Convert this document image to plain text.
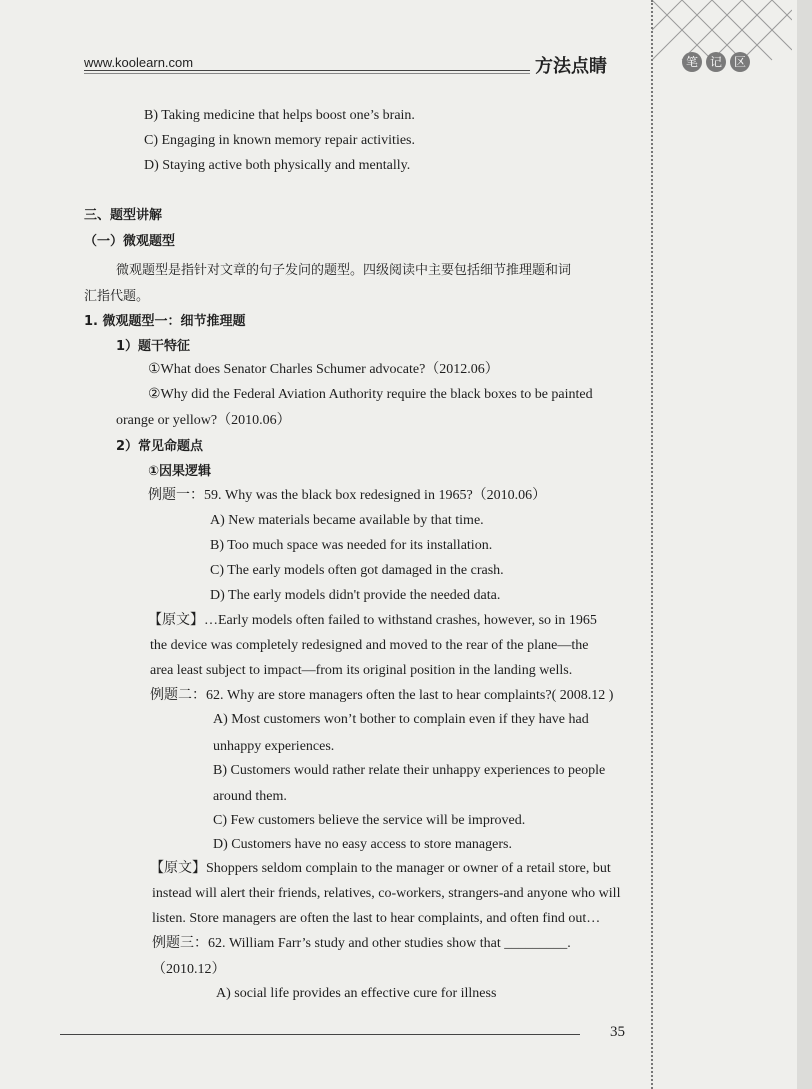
www.koolearn.com	方法点睛	笔 记 区
B) Taking medicine that helps boost one’s brain.
C) Engaging in known memory repair activities.
D) Staying active both physically and mentally.
三、题型讲解
（一）微观题型
微观题型是指针对文章的句子发问的题型。四级阅读中主要包括细节推理题和词
汇指代题。
1. 微观题型一：细节推理题
1）题干特征
①What does Senator Charles Schumer advocate?（2012.06）
②Why did the Federal Aviation Authority require the black boxes to be painted
orange or yellow?（2010.06）
2）常见命题点
①因果逻辑
例题一：59. Why was the black box redesigned in 1965?（2010.06）
A) New materials became available by that time.
B) Too much space was needed for its installation.
C) The early models often got damaged in the crash.
D) The early models didn't provide the needed data.
【原文】…Early models often failed to withstand crashes, however, so in 1965
the device was completely redesigned and moved to the rear of the plane—the
area least subject to impact—from its original position in the landing wells.
例题二：62. Why are store managers often the last to hear complaints?( 2008.12 )
A) Most customers won’t bother to complain even if they have had
unhappy experiences.
B) Customers would rather relate their unhappy experiences to people
around them.
C) Few customers believe the service will be improved.
D) Customers have no easy access to store managers.
【原文】Shoppers seldom complain to the manager or owner of a retail store, but
instead will alert their friends, relatives, co-workers, strangers-and anyone who will
listen. Store managers are often the last to hear complaints, and often find out…
例题三：62. William Farr’s study and other studies show that _________.
（2010.12）
A) social life provides an effective cure for illness
35
